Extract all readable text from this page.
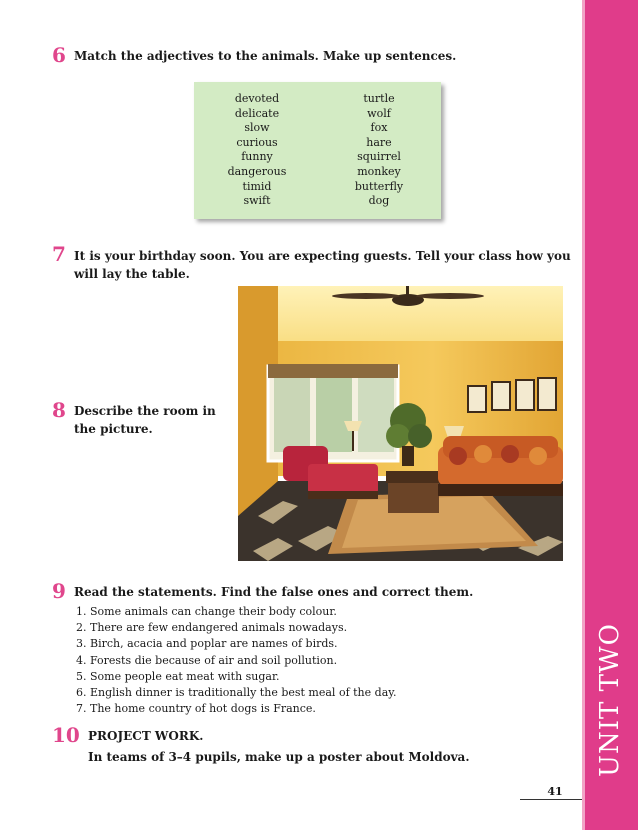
6 Match the adjectives to the animals. Make up sentences.
devoted
delicate
slow
curious
funny
dangerous
timid
swift
turtle
wolf
fox
hare
squirrel
monkey
butterfly
dog
7 It is your birthday soon. You are expecting guests. Tell your class how you
will lay the table.
8 Describe the room in
the picture.
9 Read the statements. Find the false ones and correct them.
1. Some animals can change their body colour.
2. There are few endangered animals nowadays.
3. Birch, acacia and poplar are names of birds.
4. Forests die because of air and soil pollution.
5. Some people eat meat with sugar.
6. English dinner is traditionally the best meal of the day.
7. The home country of hot dogs is France.
10 PROJECT WORK.
In teams of 3–4 pupils, make up a poster about Moldova.	UNIT TWO
41
